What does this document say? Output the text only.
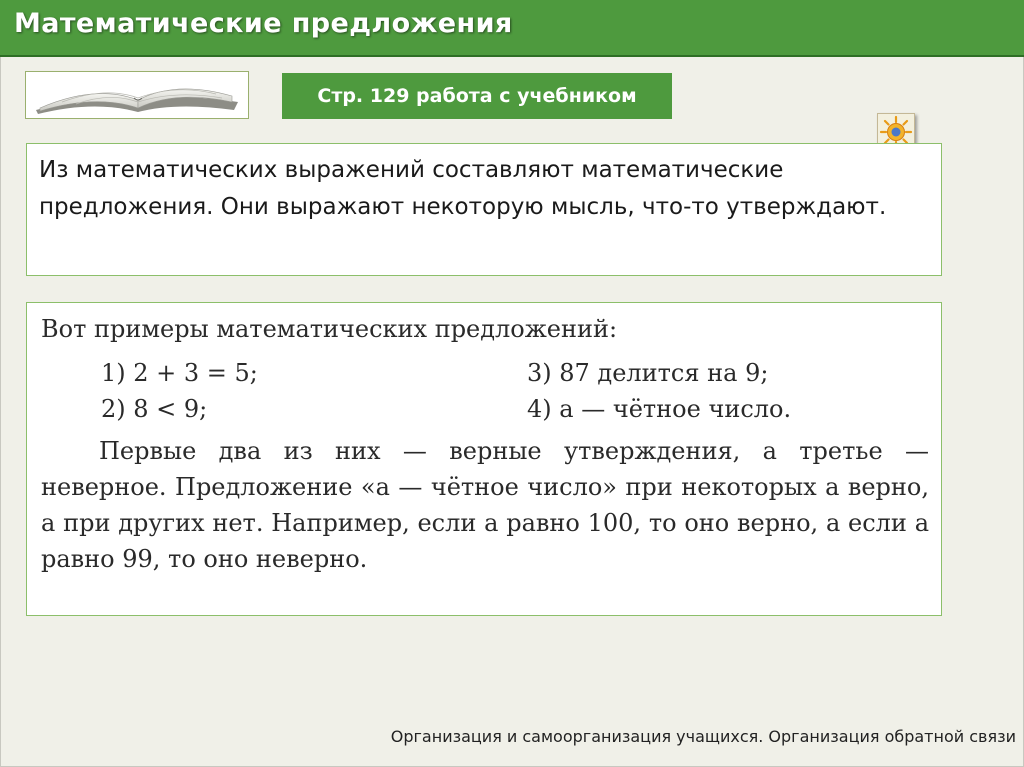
Математические предложения
Стр. 129 работа с учебником
Из математических выражений составляют математические предложения. Они выражают некоторую мысль, что-то утверждают.
Вот примеры математических предложений:
1) 2 + 3 = 5;
2) 8 < 9;
3) 87 делится на 9;
4) a — чётное число.
Первые два из них — верные утверждения, а третье — неверное. Предложение «a — чётное число» при некоторых a верно, а при других нет. Например, если a равно 100, то оно верно, а если a равно 99, то оно неверно.
Организация и самоорганизация учащихся. Организация обратной связи
